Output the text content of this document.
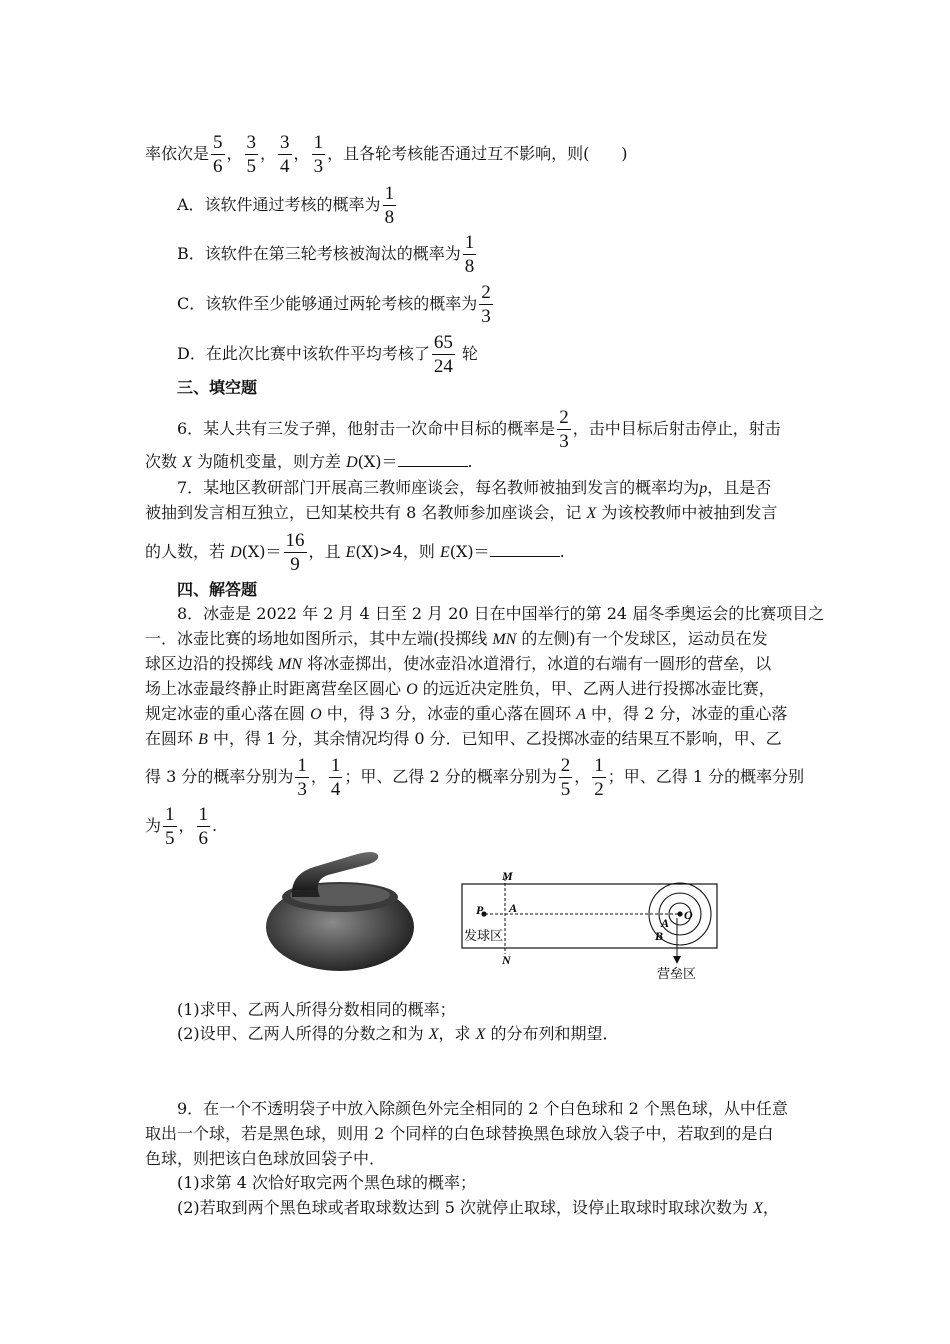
率依次是 $\frac{5}{6}$ ， $\frac{3}{5}$ ， $\frac{3}{4}$ ， $\frac{1}{3}$ ，且各轮考核能否通过互不影响，则(　　)
A．该软件通过考核的概率为 $\frac{1}{8}$
B．该软件在第三轮考核被淘汰的概率为 $\frac{1}{8}$
C．该软件至少能够通过两轮考核的概率为 $\frac{2}{3}$
D．在此次比赛中该软件平均考核了 $\frac{65}{24}$ 轮
三、填空题
6．某人共有三发子弹，他射击一次命中目标的概率是 $\frac{2}{3}$ ，击中目标后射击停止，射击
次数 X 为随机变量，则方差 D(X)＝	.
7．某地区教研部门开展高三教师座谈会，每名教师被抽到发言的概率均为p，且是否
被抽到发言相互独立，已知某校共有 8 名教师参加座谈会，记 X 为该校教师中被抽到发言
的人数，若 $D(X)= \frac{16}{9}$ ，且 E(X)>4，则 E(X)＝	.
四、解答题
8．冰壶是 2022 年 2 月 4 日至 2 月 20 日在中国举行的第 24 届冬季奥运会的比赛项目之
一．冰壶比赛的场地如图所示，其中左端(投掷线 MN 的左侧)有一个发球区，运动员在发
球区边沿的投掷线 MN 将冰壶掷出，使冰壶沿冰道滑行，冰道的右端有一圆形的营垒，以
场上冰壶最终静止时距离营垒区圆心 O 的远近决定胜负，甲、乙两人进行投掷冰壶比赛，
规定冰壶的重心落在圆 O 中，得 3 分，冰壶的重心落在圆环 A 中，得 2 分，冰壶的重心落
在圆环 B 中，得 1 分，其余情况均得 0 分．已知甲、乙投掷冰壶的结果互不影响，甲、乙
得 3 分的概率分别为 $\frac{1}{3}$ ， $\frac{1}{4}$ ；甲、乙得 2 分的概率分别为 $\frac{2}{5}$ ， $\frac{1}{2}$ ；甲、乙得 1 分的概率分别
为 $\frac{1}{5}$ ， $\frac{1}{6}$ .
M
N
P A	O
A
B
发球区
营垒区
(1)求甲、乙两人所得分数相同的概率；
(2)设甲、乙两人所得的分数之和为 X，求 X 的分布列和期望．
9．在一个不透明袋子中放入除颜色外完全相同的 2 个白色球和 2 个黑色球，从中任意
取出一个球，若是黑色球，则用 2 个同样的白色球替换黑色球放入袋子中，若取到的是白
色球，则把该白色球放回袋子中．
(1)求第 4 次恰好取完两个黑色球的概率；
(2)若取到两个黑色球或者取球数达到 5 次就停止取球，设停止取球时取球次数为 X，
